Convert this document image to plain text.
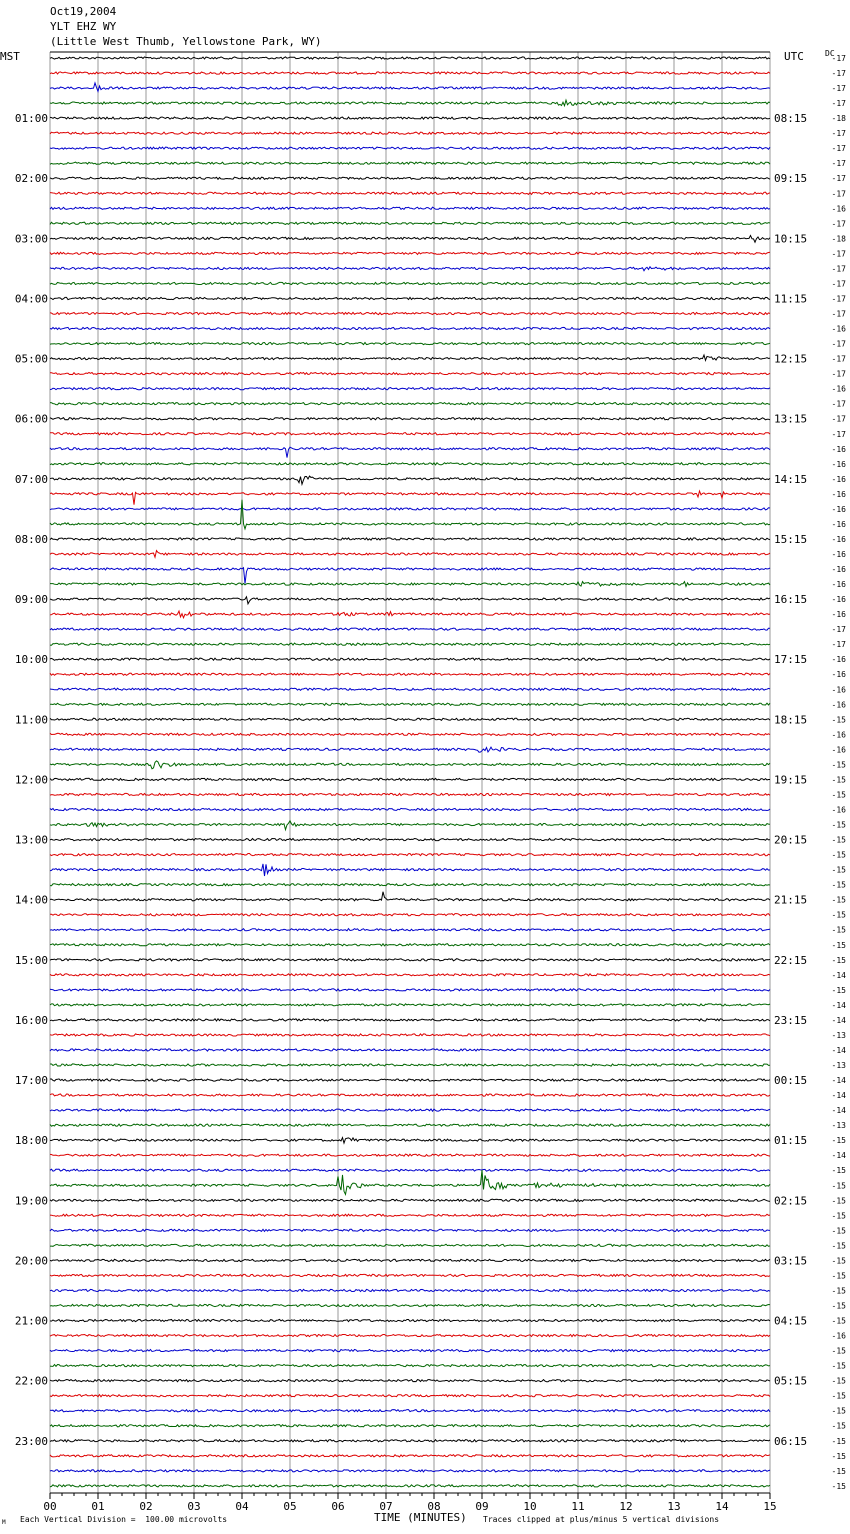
00	01	02	03	04	05	06	07	08	09	10	11	12	13	14	15
01:00
02:00
03:00
04:00
05:00
06:00
07:00
08:00
09:00
10:00
11:00
12:00
13:00
14:00
15:00
16:00
17:00
18:00
19:00
20:00
21:00
22:00
23:00
08:15
09:15
10:15
11:15
12:15
13:15
14:15
15:15
16:15
17:15
18:15
19:15
20:15
21:15
22:15
23:15
00:15
01:15
02:15
03:15
04:15
05:15
06:15
-17
-17
-17
-17
-18
-17
-17
-17
-17
-17
-16
-17
-18
-17
-17
-17
-17
-17
-16
-17
-17
-17
-16
-17
-17
-17
-16
-16
-16
-16
-16
-16
-16
-16
-16
-16
-16
-16
-17
-17
-16
-16
-16
-16
-15
-16
-16
-15
-15
-15
-16
-15
-15
-15
-15
-15
-15
-15
-15
-15
-15
-14
-15
-14
-14
-13
-14
-13
-14
-14
-14
-13
-15
-14
-15
-15
-15
-15
-15
-15
-15
-15
-15
-15
-15
-16
-15
-15
-15
-15
-15
-15
-15
-15
-15
-15
Oct19,2004
YLT EHZ WY
(Little West Thumb, Yellowstone Park, WY)
MST	UTC	DC
TIME (MINUTES)
Each Vertical Division =  100.00 microvolts	Traces clipped at plus/minus 5 vertical divisions
M
